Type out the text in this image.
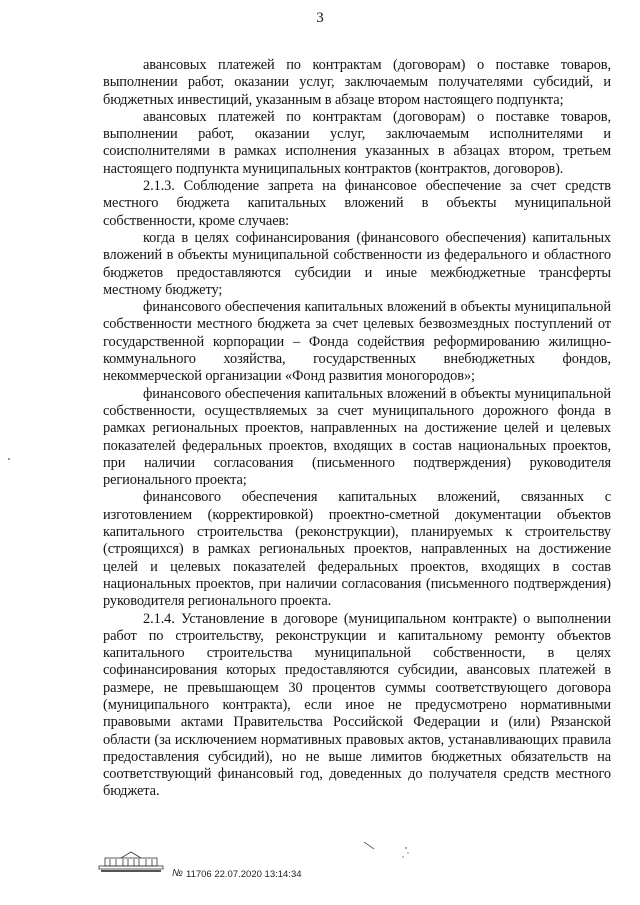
3

авансовых платежей по контрактам (договорам) о поставке товаров, выполнении работ, оказании услуг, заключаемым получателями субсидий, и бюджетных инвестиций, указанным в абзаце втором настоящего подпункта;

авансовых платежей по контрактам (договорам) о поставке товаров, выполнении работ, оказании услуг, заключаемым исполнителями и соисполнителями в рамках исполнения указанных в абзацах втором, третьем настоящего подпункта муниципальных контрактов (контрактов, договоров).

2.1.3. Соблюдение запрета на финансовое обеспечение за счет средств местного бюджета капитальных вложений в объекты муниципальной собственности, кроме случаев:

когда в целях софинансирования (финансового обеспечения) капитальных вложений в объекты муниципальной собственности из федерального и областного бюджетов предоставляются субсидии и иные межбюджетные трансферты местному бюджету;

финансового обеспечения капитальных вложений в объекты муниципальной собственности местного бюджета за счет целевых безвозмездных поступлений от государственной корпорации – Фонда содействия реформированию жилищно-коммунального хозяйства, государственных внебюджетных фондов, некоммерческой организации «Фонд развития моногородов»;

финансового обеспечения капитальных вложений в объекты муниципальной собственности, осуществляемых за счет муниципального дорожного фонда в рамках региональных проектов, направленных на достижение целей и целевых показателей федеральных проектов, входящих в состав национальных проектов, при наличии согласования (письменного подтверждения) руководителя регионального проекта;

финансового обеспечения капитальных вложений, связанных с изготовлением (корректировкой) проектно-сметной документации объектов капитального строительства (реконструкции), планируемых к строительству (строящихся) в рамках региональных проектов, направленных на достижение целей и целевых показателей федеральных проектов, входящих в состав национальных проектов, при наличии согласования (письменного подтверждения) руководителя регионального проекта.

2.1.4. Установление в договоре (муниципальном контракте) о выполнении работ по строительству, реконструкции и капитальному ремонту объектов капитального строительства муниципальной собственности, в целях софинансирования которых предоставляются субсидии, авансовых платежей в размере, не превышающем 30 процентов суммы соответствующего договора (муниципального контракта), если иное не предусмотрено нормативными правовыми актами Правительства Российской Федерации и (или) Рязанской области (за исключением нормативных правовых актов, устанавливающих правила предоставления субсидий), но не выше лимитов бюджетных обязательств на соответствующий финансовый год, доведенных до получателя средств местного бюджета.

№ 11706 22.07.2020 13:14:34
